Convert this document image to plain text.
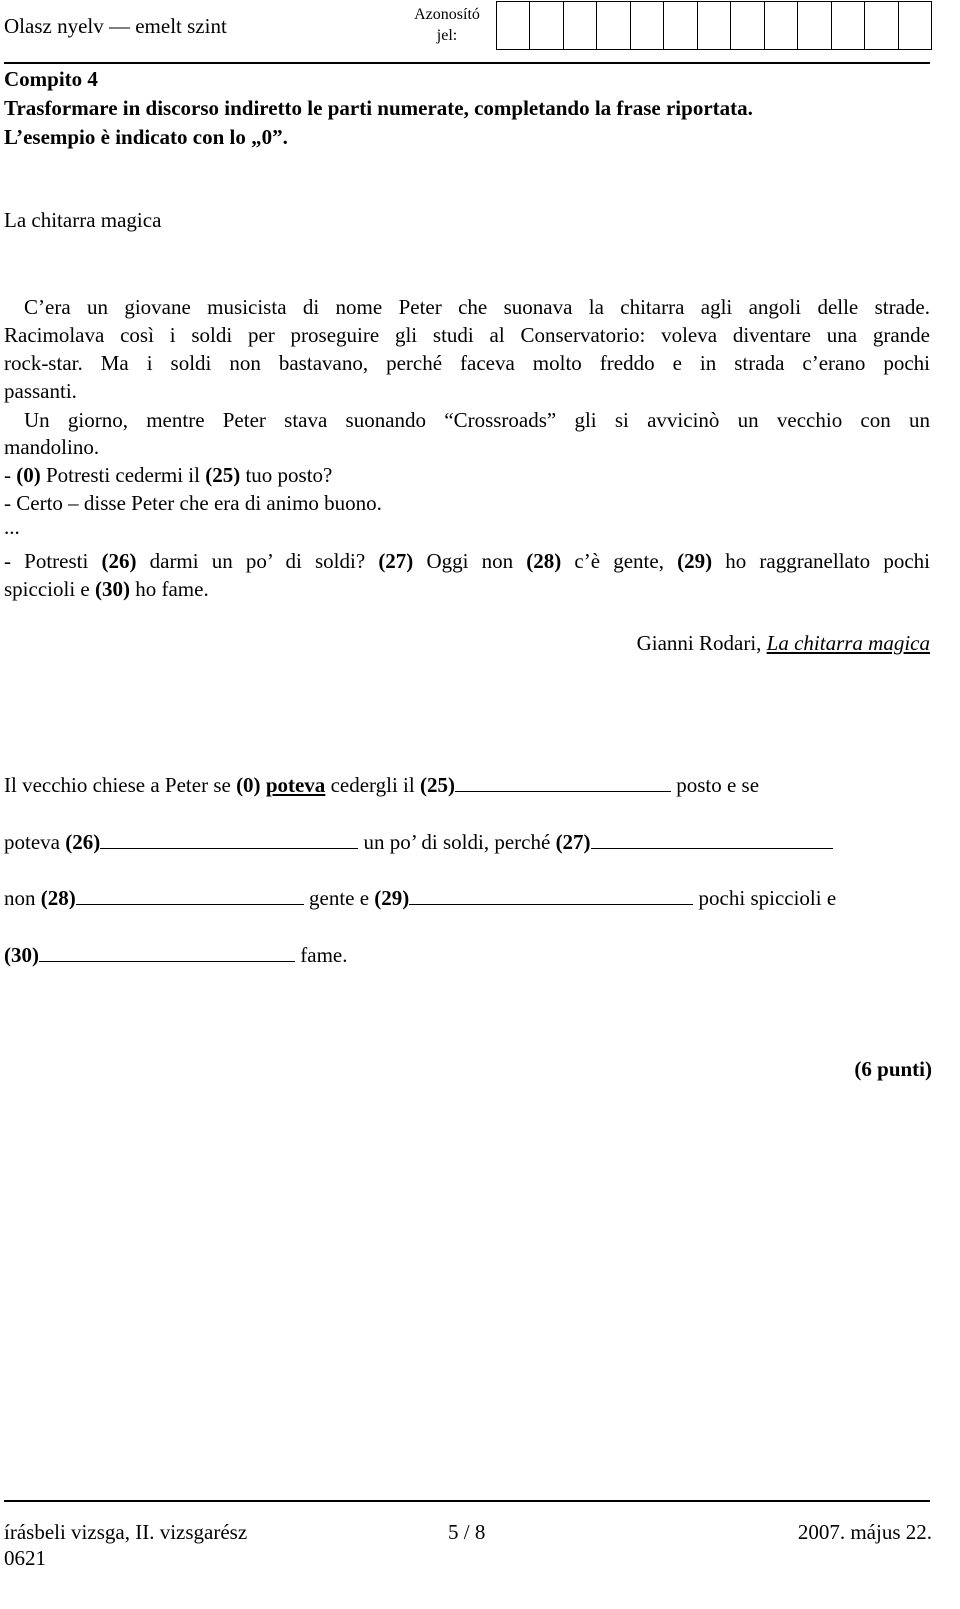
Olasz nyelv — emelt szint	Azonosító
jel:
Compito 4
Trasformare in discorso indiretto le parti numerate, completando la frase riportata.
L’esempio è indicato con lo „0”.
La chitarra magica
C’era un giovane musicista di nome Peter che suonava la chitarra agli angoli delle strade.
Racimolava così i soldi per proseguire gli studi al Conservatorio: voleva diventare una grande
rock-star. Ma i soldi non bastavano, perché faceva molto freddo e in strada c’erano pochi
passanti.
Un giorno, mentre Peter stava suonando “Crossroads” gli si avvicinò un vecchio con un
mandolino.
- (0) Potresti cedermi il (25) tuo posto?
- Certo – disse Peter che era di animo buono.
...
- Potresti (26) darmi un po’ di soldi? (27) Oggi non (28) c’è gente, (29) ho raggranellato pochi
spiccioli e (30) ho fame.
Gianni Rodari, La chitarra magica
Il vecchio chiese a Peter se (0) poteva cedergli il (25)	posto e se
poteva (26)	un po’ di soldi, perché (27)
non (28)	gente e (29)	pochi spiccioli e
(30)	fame.
(6 punti)
írásbeli vizsga, II. vizsgarész
0621
5 / 8	2007. május 22.
